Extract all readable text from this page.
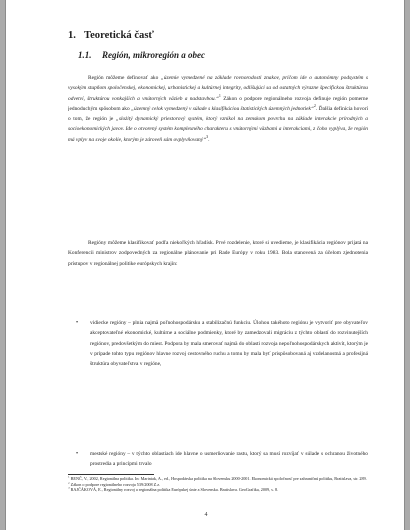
1. Teoretická časť
1.1. Región, mikroregión a obec

Región môžeme definovať ako „územie vymedzené na základe rovnorodosti znakov, pričom ide o autonómny podsystém s vysokým stupňom spoločenskej, ekonomickej, urbanistickej a kultúrnej integrity, odlišujúci sa od ostatných výrazne špecifickou štruktúrou odvetví, štruktúrou vonkajších a vnútorných väzieb a nadstavbou.“$^1$ Zákon o podpore regionálneho rozvoja definuje región pomerne jednoduchým spôsobom ako „územný celok vymedzený v súlade s klasifikáciou štatistických územných jednotiek“$^2$. Ďalšia definícia hovorí o tom, že región je „slożitý dynamický priestorový systém, ktorý vznikol na zemskom povrchu na základe interakcie prírodných a socioekonomických javov. Ide o otvorený systém komplexného charakteru s vnútornými väzbami a interakciami, z čoho vyplýva, že región má vplyv na svoje okolie, ktorým je zároveň sám ovplyvňovaný“$^3$.

Regióny môžeme klasifikovať podľa niekoľkých hľadísk. Prvé rozdelenie, ktoré si uvedieme, je klasifikácia regiónov prijatá na Konferencii ministrov zodpovedných za regionálne plánovanie pri Rade Európy v roku 1983. Bola stanovená za účelom zjednotenia prístupov v regionálnej politike európskych krajín:

• vidiecke regióny – plnia najmä poľnohospodársku a stabilizačnú funkciu. Úlohou takéhoto regiónu je vytvoriť pre obyvateľov akceptovateľné ekonomické, kultúrne a sociálne podmienky, ktoré by zamedzovali migráciu z týchto oblastí do rozvinutejších regiónov, predovšetkým do miest. Podpora by mala smerovať najmä do oblasti rozvoja nepoľnohospodárskych aktivít, ktorým je v prípade tohto typu regiónov hlavne rozvoj cestovného ruchu a tomu by mala byť prispôsobovaná aj vzdelanostná a profesijná štruktúra obyvateľstva v regióne,
• mestské regióny – v týchto oblastiach ide hlavne o usmerňovanie rastu, ktorý sa musí rozvíjať v súlade s ochranou životného prostredia a princípmi trvalo
$^1$ BENČ, V., 2002, Regionálna politika. In: Mariniak, A., ed., Hospodárska politika na Slovensku 2000-2001. Ekonomická spoločnosť pre zahraničnú politiku, Bratislava, str. 289.
$^2$ Zákon o podpore regionálneho rozvoja 539/2008 Z.z.
$^3$ RAJČÁKOVÁ, E., Regionálny rozvoj a regionálna politika Európskej únie a Slovenska. Bratislava. GeoGrafika, 2009, s. 8.
4
